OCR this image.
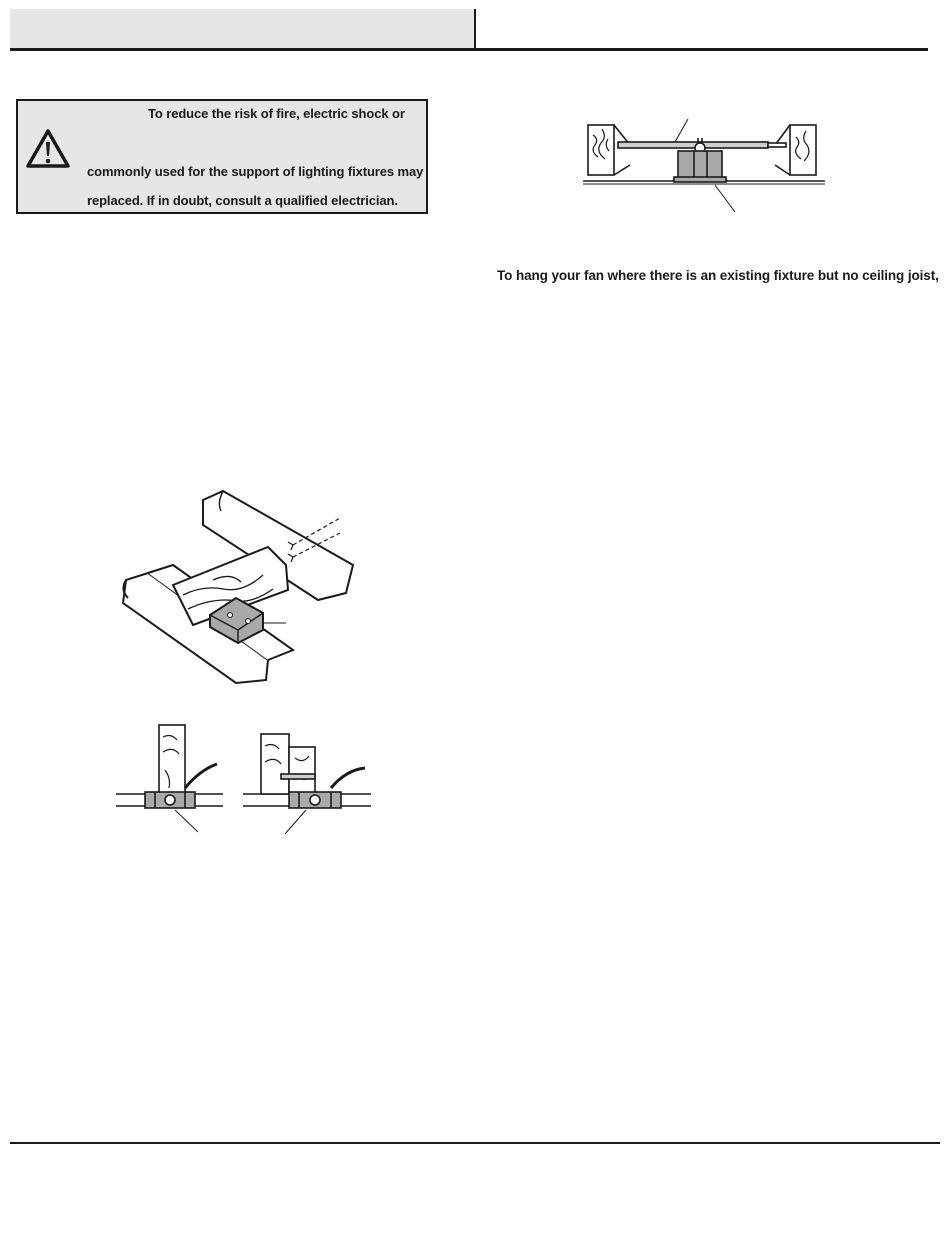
To reduce the risk of fire, electric shock or
commonly used for the support of lighting fixtures may
replaced. If in doubt, consult a qualified electrician.
To hang your fan where there is an existing fixture but no ceiling joist,
